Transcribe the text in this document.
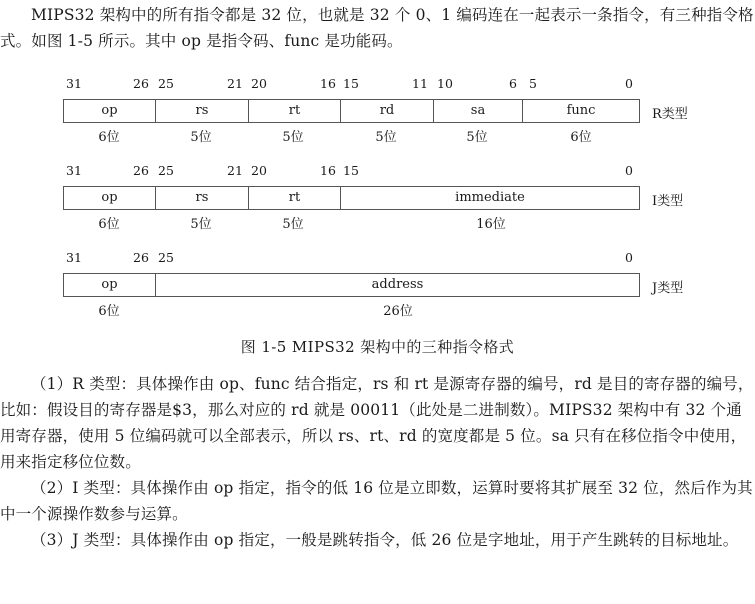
MIPS32 架构中的所有指令都是 32 位，也就是 32 个 0、1 编码连在一起表示一条指令，有三种指令格式。如图 1-5 所示。其中 op 是指令码、func 是功能码。

31	26 25	21 20	16 15	11 10	6 5	0
op	rs	rt	rd	sa	func	R类型
6位	5位	5位	5位	5位	6位
31	26 25	21 20	16 15	0
op	rs	rt	immediate	I类型
6位	5位	5位	16位
31	26 25	0
op	address	J类型
6位	26位
图 1-5 MIPS32 架构中的三种指令格式

（1）R 类型：具体操作由 op、func 结合指定，rs 和 rt 是源寄存器的编号，rd 是目的寄存器的编号，比如：假设目的寄存器是$3，那么对应的 rd 就是 00011（此处是二进制数）。MIPS32 架构中有 32 个通用寄存器，使用 5 位编码就可以全部表示，所以 rs、rt、rd 的宽度都是 5 位。sa 只有在移位指令中使用，用来指定移位位数。

（2）I 类型：具体操作由 op 指定，指令的低 16 位是立即数，运算时要将其扩展至 32 位，然后作为其中一个源操作数参与运算。

（3）J 类型：具体操作由 op 指定，一般是跳转指令，低 26 位是字地址，用于产生跳转的目标地址。
